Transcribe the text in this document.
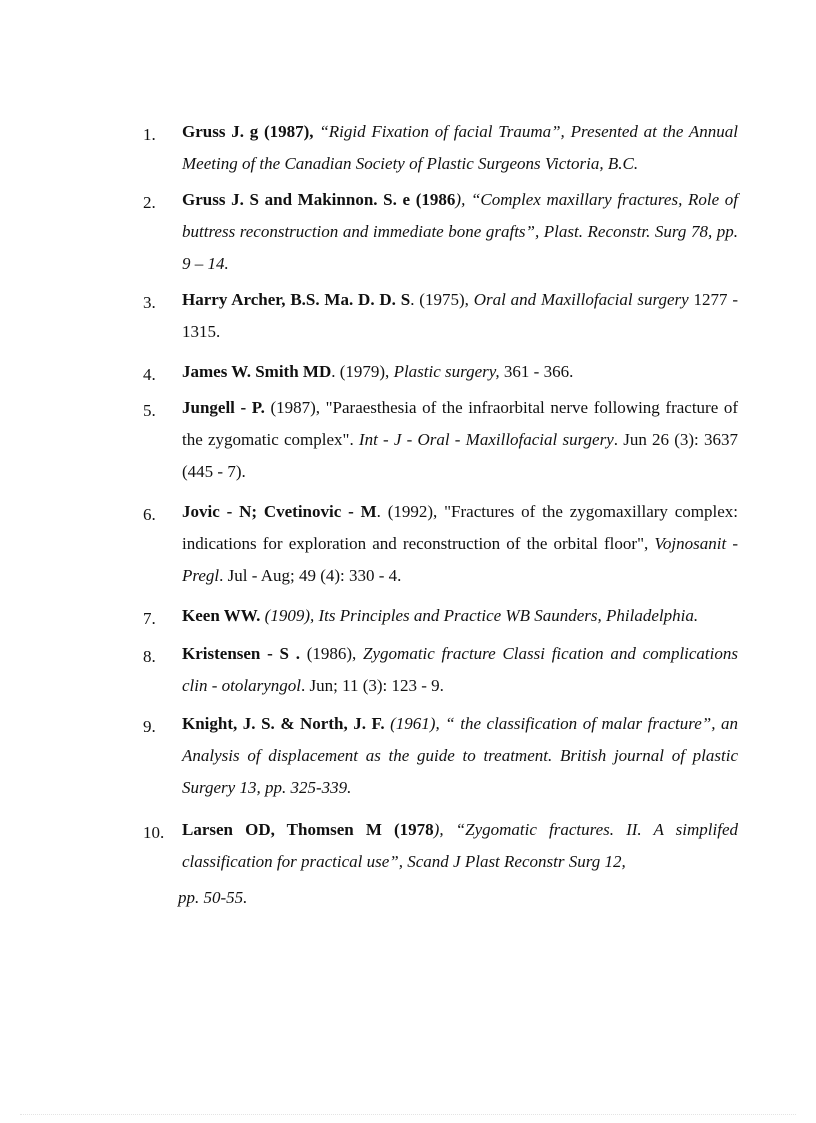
1. Gruss J. g (1987), “Rigid Fixation of facial Trauma”, Presented at the Annual Meeting of the Canadian Society of Plastic Surgeons Victoria, B.C.
2. Gruss J. S and Makinnon. S. e (1986), “Complex maxillary fractures, Role of buttress reconstruction and immediate bone grafts”, Plast. Reconstr. Surg 78, pp. 9 – 14.
3. Harry Archer, B.S. Ma. D. D. S. (1975), Oral and Maxillofacial surgery 1277 - 1315.
4. James W. Smith MD. (1979), Plastic surgery, 361 - 366.
5. Jungell - P. (1987), "Paraesthesia of the infraorbital nerve following fracture of the zygomatic complex". Int - J - Oral - Maxillofacial surgery. Jun 26 (3): 3637 (445 - 7).
6. Jovic - N; Cvetinovic - M. (1992), "Fractures of the zygomaxillary complex: indications for exploration and reconstruction of the orbital floor", Vojnosanit - Pregl. Jul - Aug; 49 (4): 330 - 4.
7. Keen WW. (1909), Its Principles and Practice WB Saunders, Philadelphia.
8. Kristensen - S . (1986), Zygomatic fracture Classi fication and complications clin - otolaryngol. Jun; 11 (3): 123 - 9.
9. Knight, J. S. & North, J. F. (1961), “ the classification of malar fracture”, an Analysis of displacement as the guide to treatment. British journal of plastic Surgery 13, pp. 325-339.
10. Larsen OD, Thomsen M (1978), “Zygomatic fractures. II. A simplifed classification for practical use”, Scand J Plast Reconstr Surg 12,
pp. 50-55.
